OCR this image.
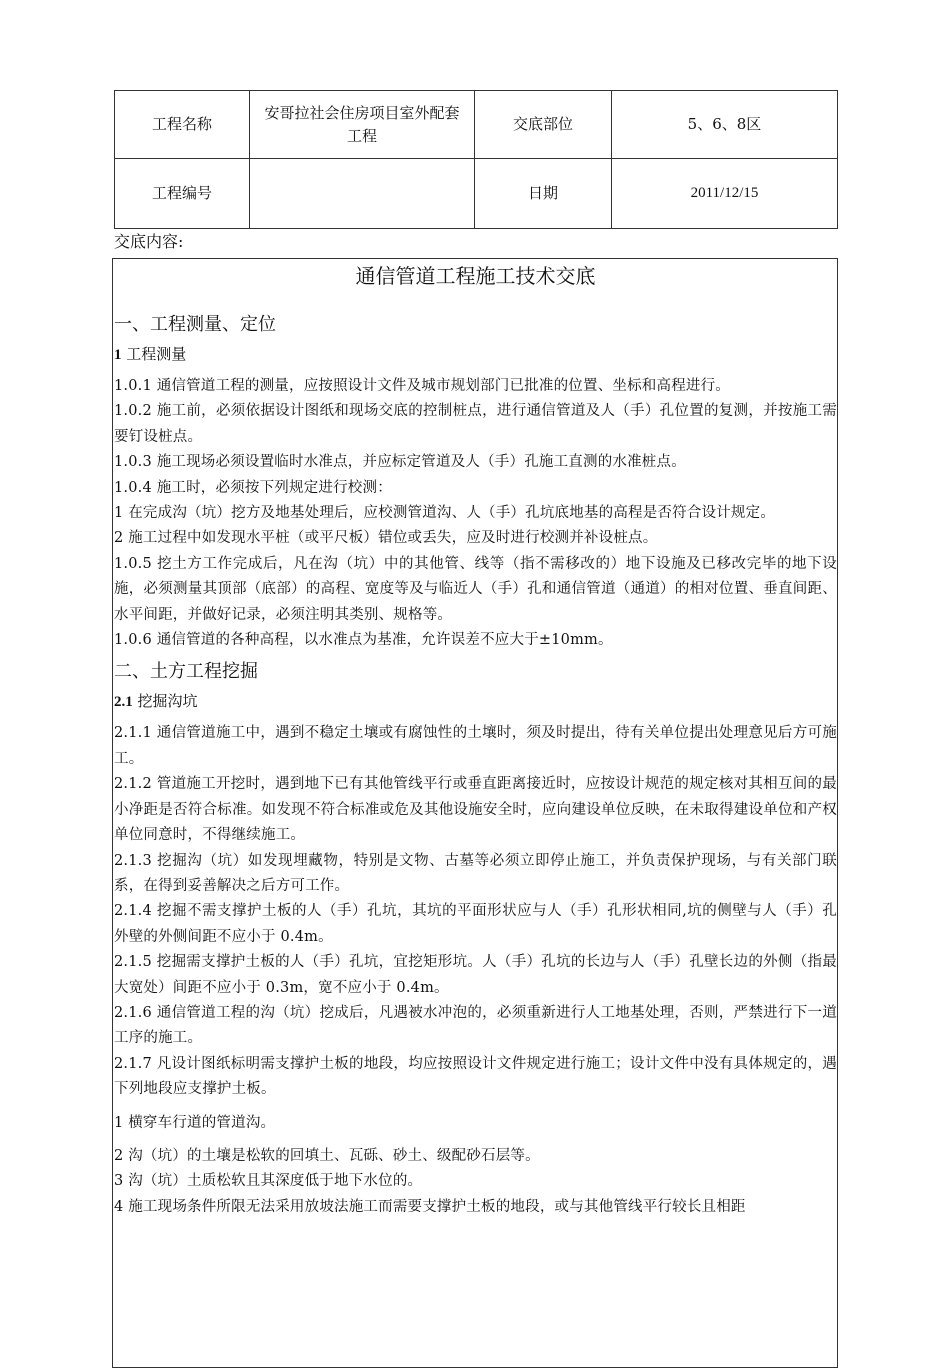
工程名称	安哥拉社会住房项目室外配套工程	交底部位	5、6、8区
工程编号		日期	2011/12/15
交底内容:
通信管道工程施工技术交底
一、工程测量、定位
1 工程测量

1.0.1 通信管道工程的测量，应按照设计文件及城市规划部门已批准的位置、坐标和高程进行。

1.0.2 施工前，必须依据设计图纸和现场交底的控制桩点，进行通信管道及人（手）孔位置的复测，并按施工需要钉设桩点。

1.0.3 施工现场必须设置临时水准点，并应标定管道及人（手）孔施工直测的水准桩点。

1.0.4 施工时，必须按下列规定进行校测：

1 在完成沟（坑）挖方及地基处理后，应校测管道沟、人（手）孔坑底地基的高程是否符合设计规定。

2 施工过程中如发现水平桩（或平尺板）错位或丢失，应及时进行校测并补设桩点。

1.0.5 挖土方工作完成后，凡在沟（坑）中的其他管、线等（指不需移改的）地下设施及已移改完毕的地下设施，必须测量其顶部（底部）的高程、宽度等及与临近人（手）孔和通信管道（通道）的相对位置、垂直间距、水平间距，并做好记录，必须注明其类别、规格等。

1.0.6 通信管道的各种高程，以水准点为基准，允许误差不应大于±10mm。

二、土方工程挖掘
2.1 挖掘沟坑

2.1.1 通信管道施工中，遇到不稳定土壤或有腐蚀性的土壤时，须及时提出，待有关单位提出处理意见后方可施工。

2.1.2 管道施工开挖时，遇到地下已有其他管线平行或垂直距离接近时，应按设计规范的规定核对其相互间的最小净距是否符合标准。如发现不符合标准或危及其他设施安全时，应向建设单位反映，在未取得建设单位和产权单位同意时，不得继续施工。

2.1.3 挖掘沟（坑）如发现埋藏物，特别是文物、古墓等必须立即停止施工，并负责保护现场，与有关部门联系，在得到妥善解决之后方可工作。

2.1.4 挖掘不需支撑护土板的人（手）孔坑，其坑的平面形状应与人（手）孔形状相同,坑的侧壁与人（手）孔外壁的外侧间距不应小于 0.4m。

2.1.5 挖掘需支撑护土板的人（手）孔坑，宜挖矩形坑。人（手）孔坑的长边与人（手）孔壁长边的外侧（指最大宽处）间距不应小于 0.3m，宽不应小于 0.4m。

2.1.6 通信管道工程的沟（坑）挖成后，凡遇被水冲泡的，必须重新进行人工地基处理，否则，严禁进行下一道工序的施工。

2.1.7 凡设计图纸标明需支撑护土板的地段，均应按照设计文件规定进行施工；设计文件中没有具体规定的，遇下列地段应支撑护土板。

1 横穿车行道的管道沟。

2 沟（坑）的土壤是松软的回填土、瓦砾、砂土、级配砂石层等。

3 沟（坑）土质松软且其深度低于地下水位的。

4 施工现场条件所限无法采用放坡法施工而需要支撑护土板的地段，或与其他管线平行较长且相距
